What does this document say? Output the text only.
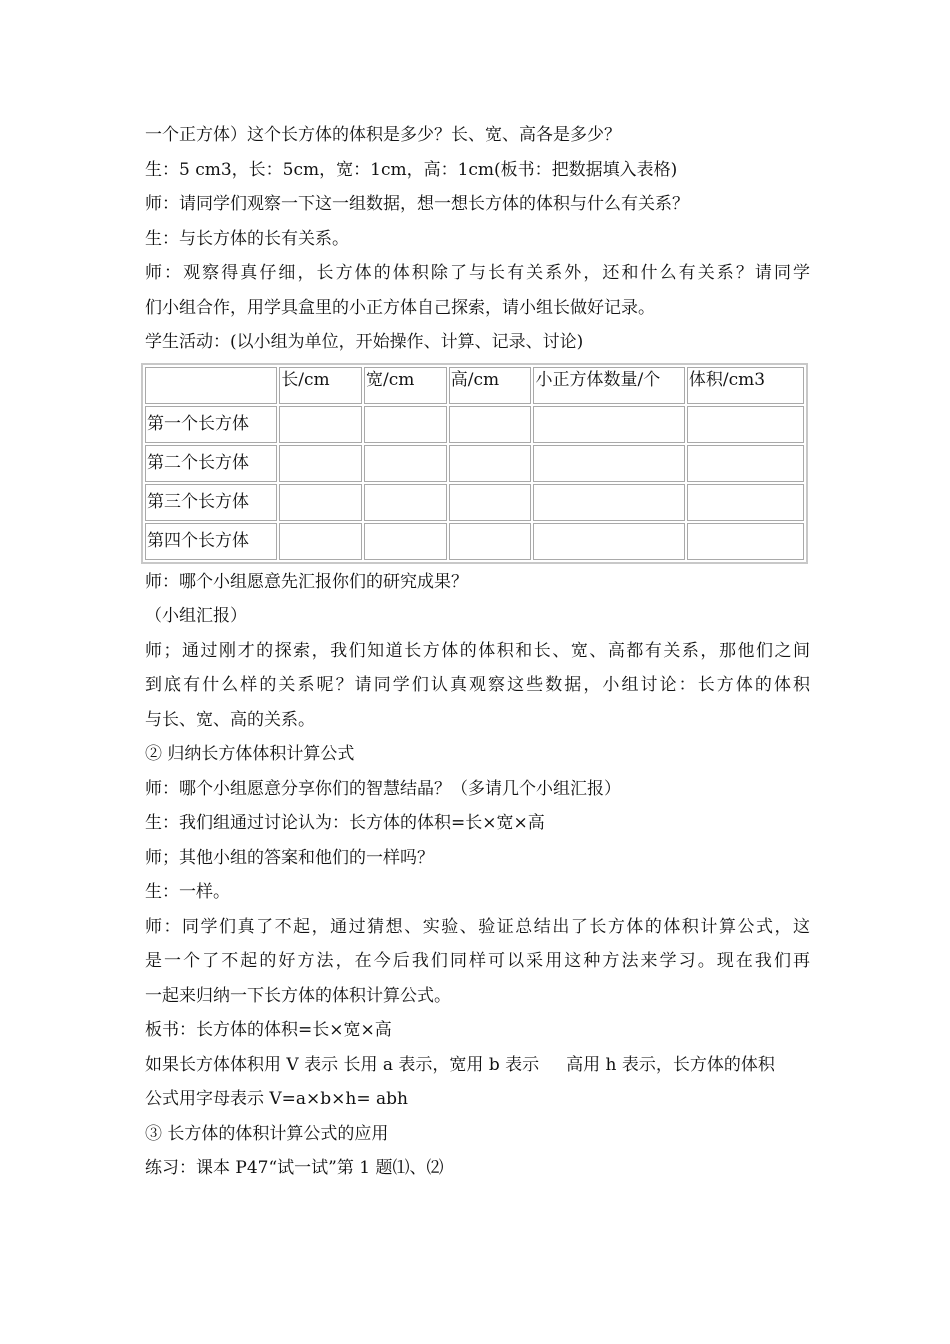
一个正方体）这个长方体的体积是多少？长、宽、高各是多少？

生：5 cm3，长：5cm，宽：1cm，高：1cm(板书：把数据填入表格)

师：请同学们观察一下这一组数据，想一想长方体的体积与什么有关系？

生：与长方体的长有关系。

师：观察得真仔细，长方体的体积除了与长有关系外，还和什么有关系？请同学

们小组合作，用学具盒里的小正方体自己探索，请小组长做好记录。

学生活动：(以小组为单位，开始操作、计算、记录、讨论)

	长/cm	宽/cm	高/cm	小正方体数量/个	体积/cm3
第一个长方体					
第二个长方体					
第三个长方体					
第四个长方体					

师：哪个小组愿意先汇报你们的研究成果？

（小组汇报）

师；通过刚才的探索，我们知道长方体的体积和长、宽、高都有关系，那他们之间

到底有什么样的关系呢？请同学们认真观察这些数据，小组讨论：长方体的体积

与长、宽、高的关系。

② 归纳长方体体积计算公式

师：哪个小组愿意分享你们的智慧结晶？（多请几个小组汇报）

生：我们组通过讨论认为：长方体的体积=长×宽×高

师；其他小组的答案和他们的一样吗？

生：一样。

师：同学们真了不起，通过猜想、实验、验证总结出了长方体的体积计算公式，这

是一个了不起的好方法，在今后我们同样可以采用这种方法来学习。现在我们再

一起来归纳一下长方体的体积计算公式。

板书：长方体的体积=长×宽×高

如果长方体体积用 V 表示 长用 a 表示，宽用 b 表示     高用 h 表示，长方体的体积

公式用字母表示 V=a×b×h= abh

③ 长方体的体积计算公式的应用

练习：课本 P47“试一试”第 1 题⑴、⑵
